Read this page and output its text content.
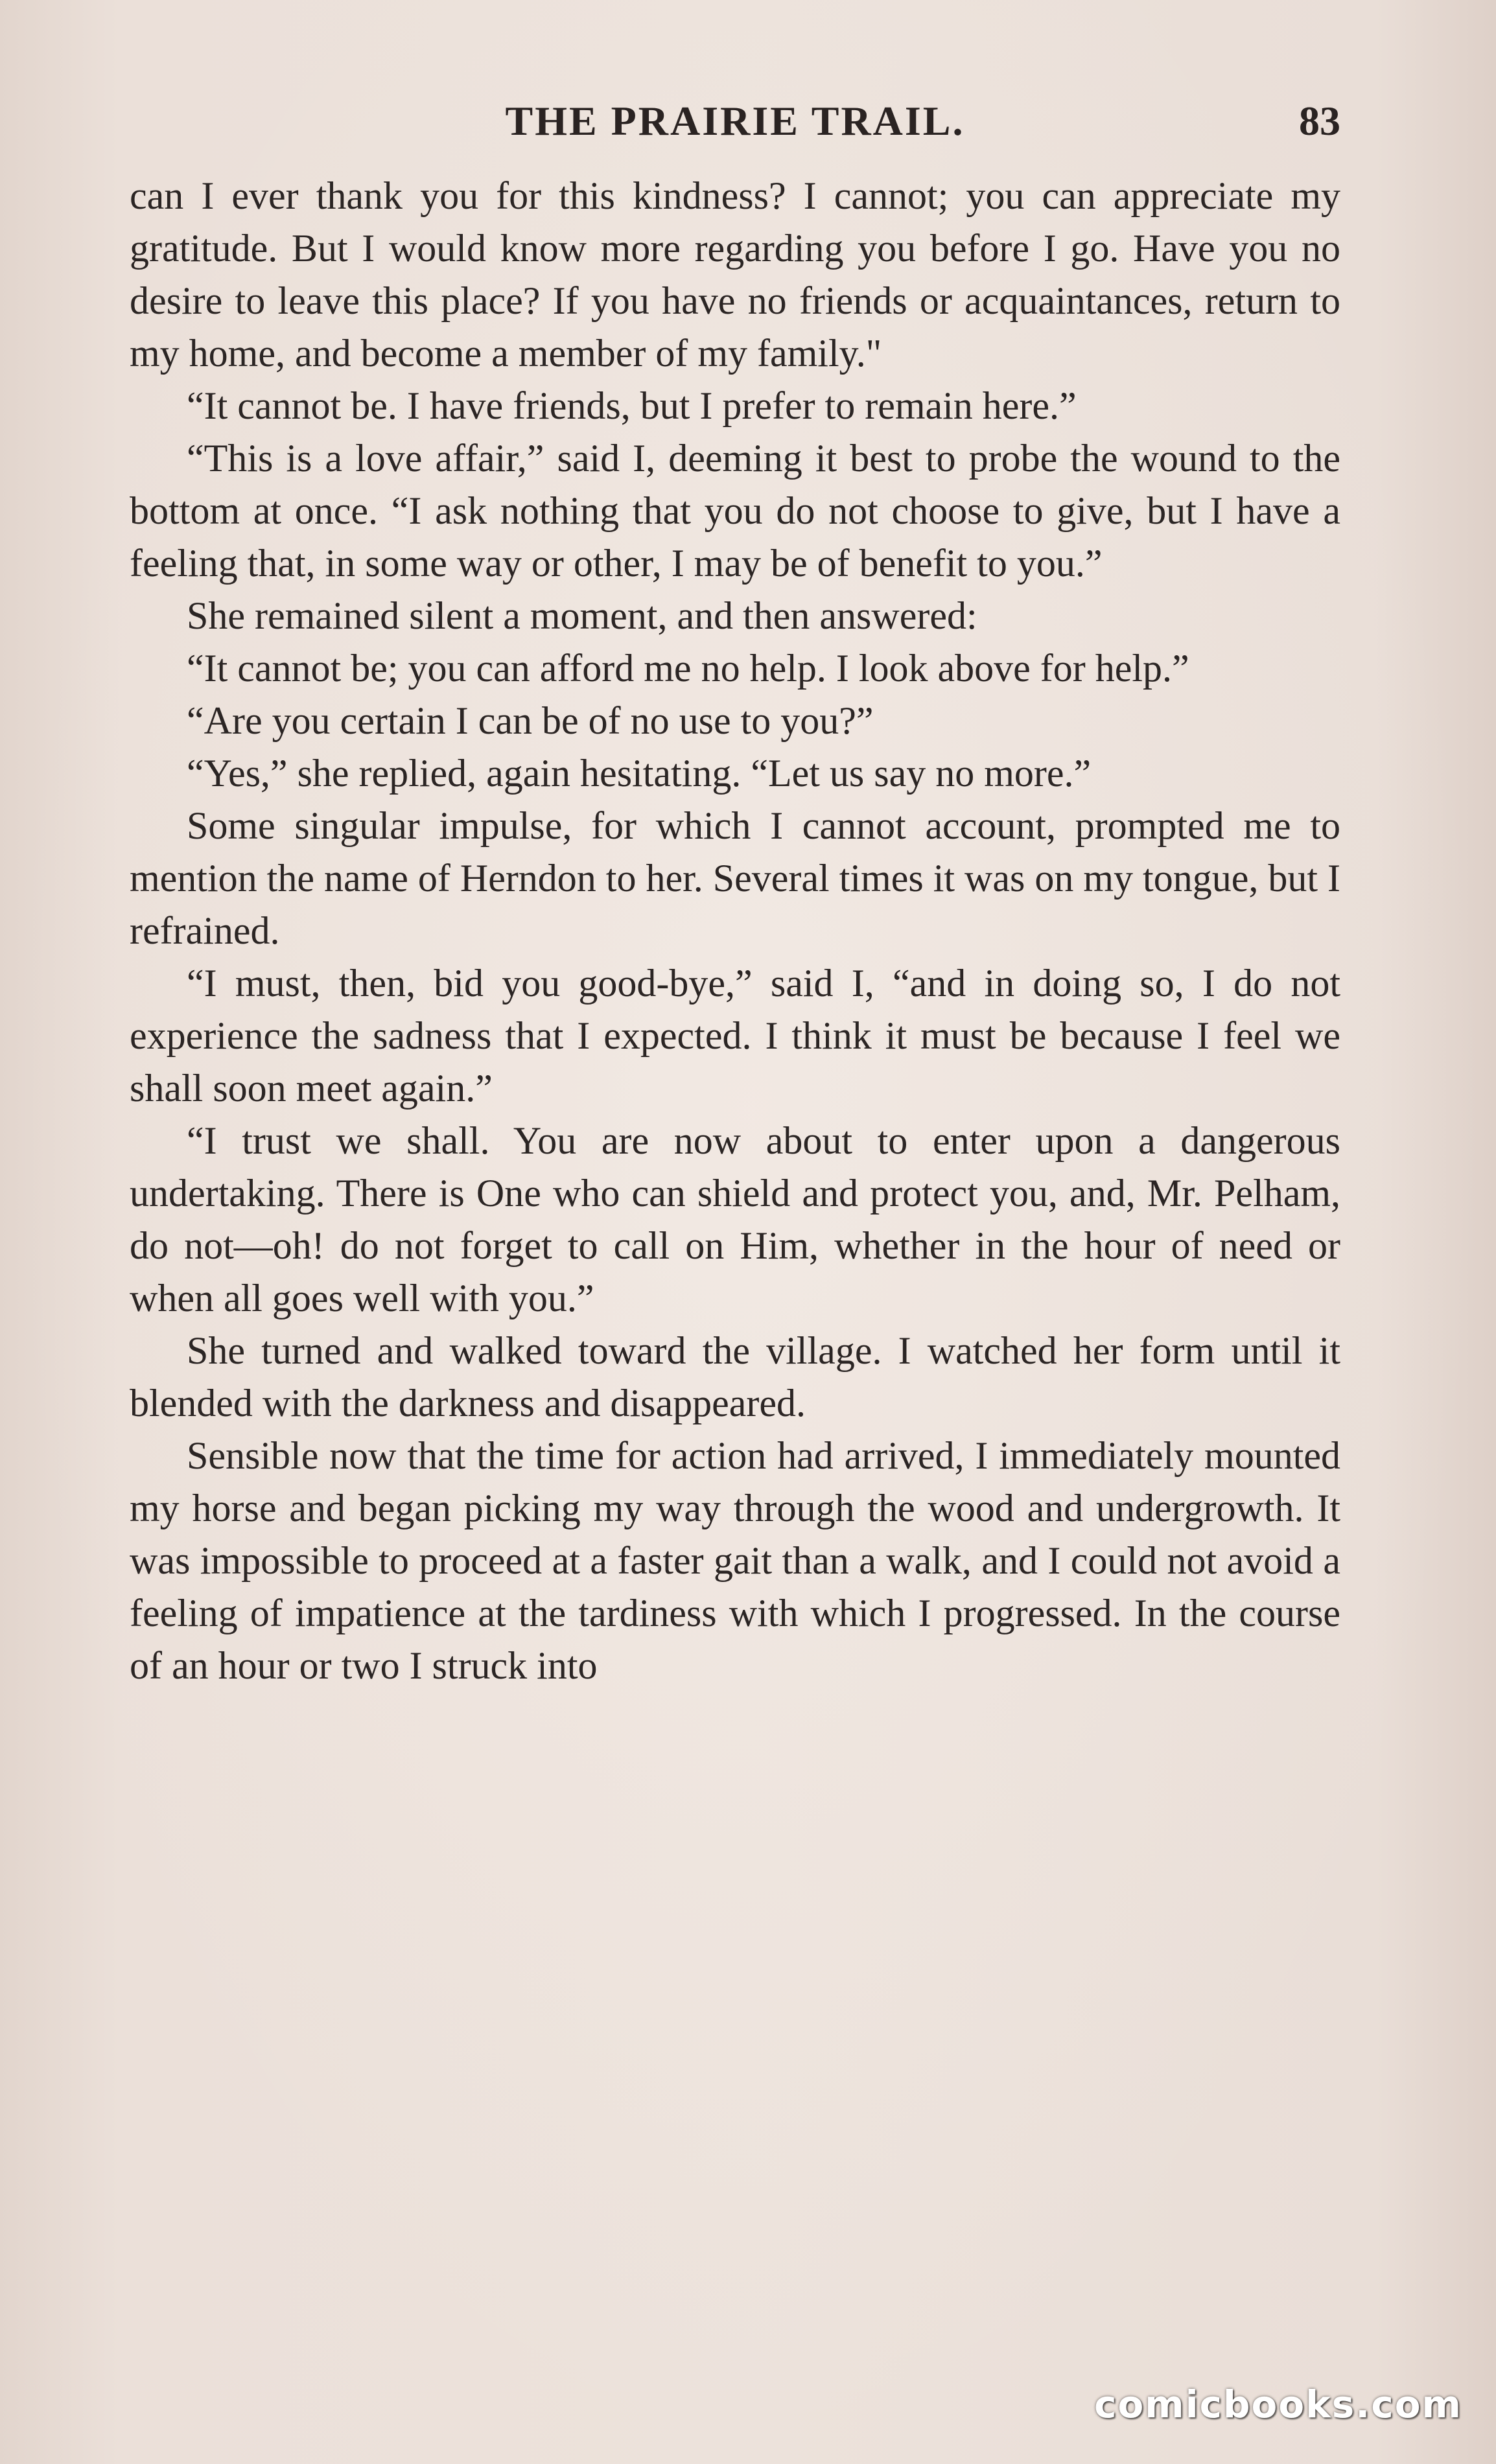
THE PRAIRIE TRAIL.	83

can I ever thank you for this kindness? I cannot; you can appreciate my gratitude. But I would know more regarding you before I go. Have you no desire to leave this place? If you have no friends or acquaintances, return to my home, and become a member of my family."

“It cannot be. I have friends, but I prefer to remain here.”

“This is a love affair,” said I, deeming it best to probe the wound to the bottom at once. “I ask nothing that you do not choose to give, but I have a feeling that, in some way or other, I may be of benefit to you.”

She remained silent a moment, and then answered:

“It cannot be; you can afford me no help. I look above for help.”

“Are you certain I can be of no use to you?”

“Yes,” she replied, again hesitating. “Let us say no more.”

Some singular impulse, for which I cannot account, prompted me to mention the name of Herndon to her. Several times it was on my tongue, but I refrained.

“I must, then, bid you good-bye,” said I, “and in doing so, I do not experience the sadness that I expected. I think it must be because I feel we shall soon meet again.”

“I trust we shall. You are now about to enter upon a dangerous undertaking. There is One who can shield and protect you, and, Mr. Pelham, do not—oh! do not forget to call on Him, whether in the hour of need or when all goes well with you.”

She turned and walked toward the village. I watched her form until it blended with the darkness and disappeared.

Sensible now that the time for action had arrived, I immediately mounted my horse and began picking my way through the wood and undergrowth. It was impossible to proceed at a faster gait than a walk, and I could not avoid a feeling of impatience at the tardiness with which I progressed. In the course of an hour or two I struck into

comicbooks.com
